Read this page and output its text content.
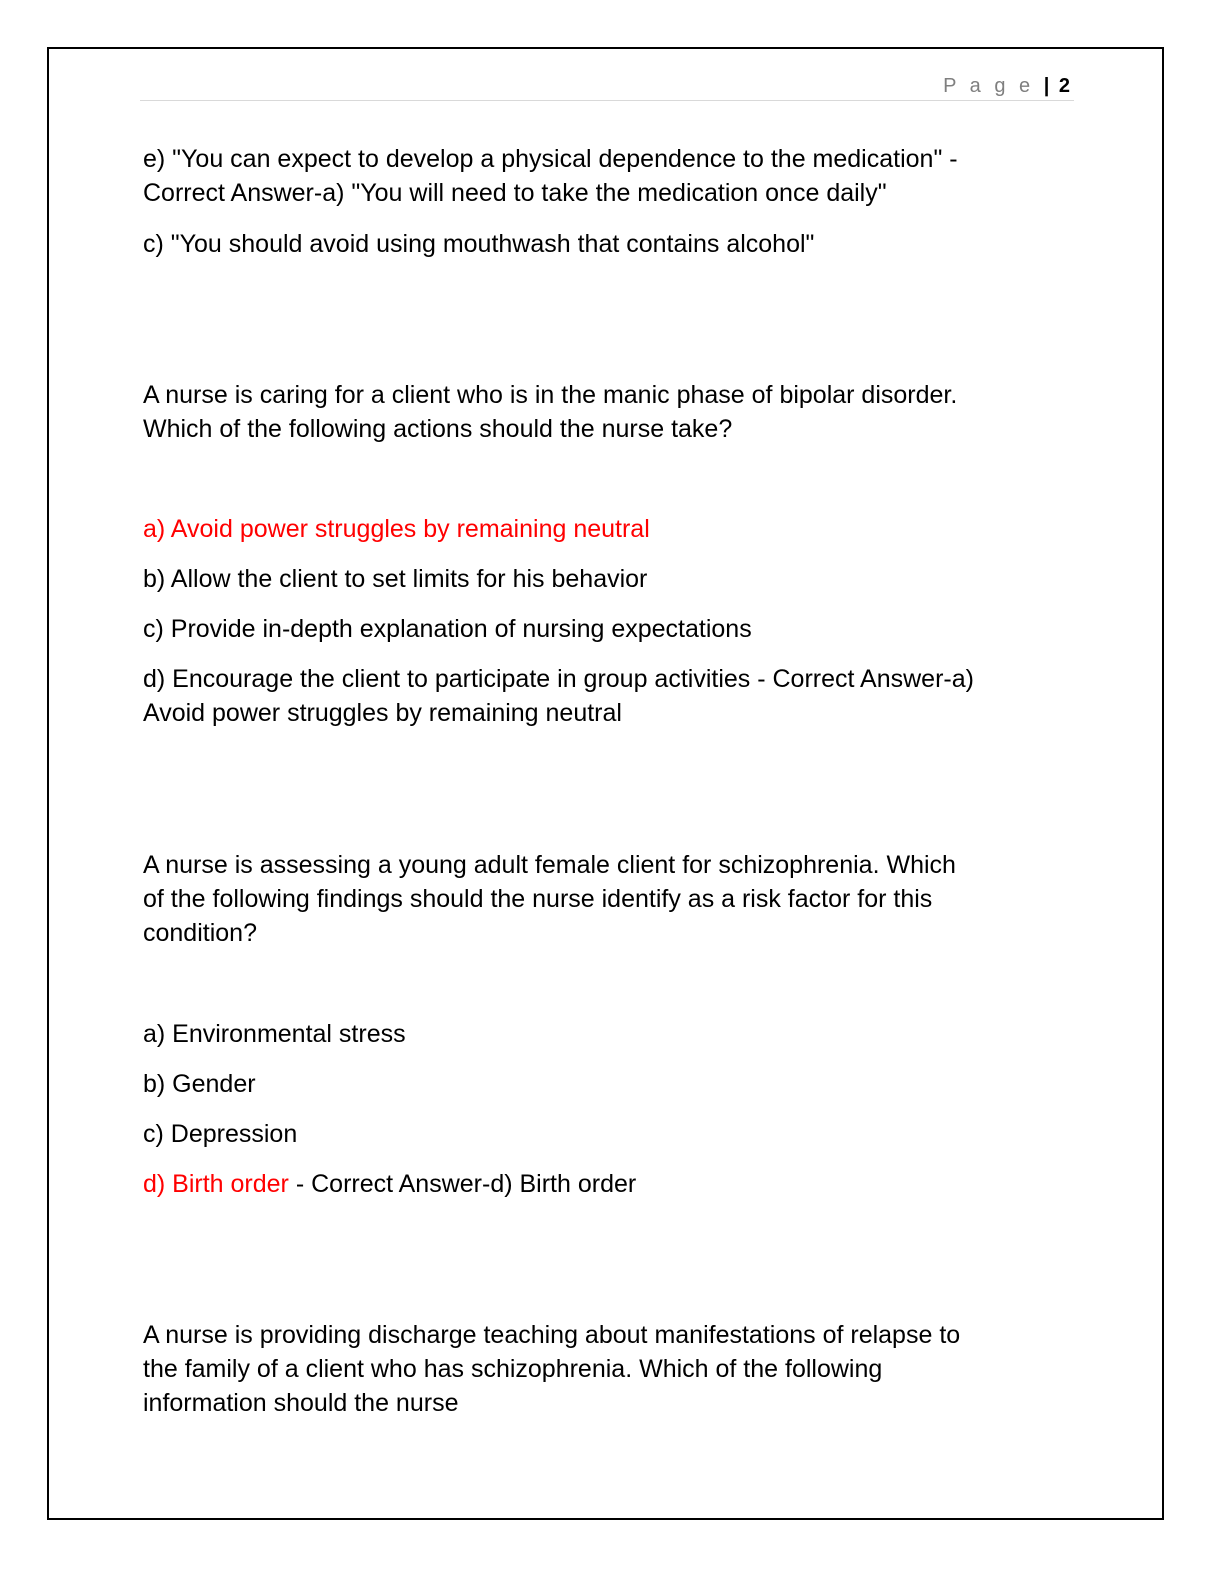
P a g e | 2
e) "You can expect to develop a physical dependence to the medication" -
Correct Answer-a) "You will need to take the medication once daily"
c) "You should avoid using mouthwash that contains alcohol"
A nurse is caring for a client who is in the manic phase of bipolar disorder.
Which of the following actions should the nurse take?
a) Avoid power struggles by remaining neutral
b) Allow the client to set limits for his behavior
c) Provide in-depth explanation of nursing expectations
d) Encourage the client to participate in group activities - Correct Answer-a)
Avoid power struggles by remaining neutral
A nurse is assessing a young adult female client for schizophrenia. Which
of the following findings should the nurse identify as a risk factor for this
condition?
a) Environmental stress
b) Gender
c) Depression
d) Birth order - Correct Answer-d) Birth order
A nurse is providing discharge teaching about manifestations of relapse to
the family of a client who has schizophrenia. Which of the following
information should the nurse
